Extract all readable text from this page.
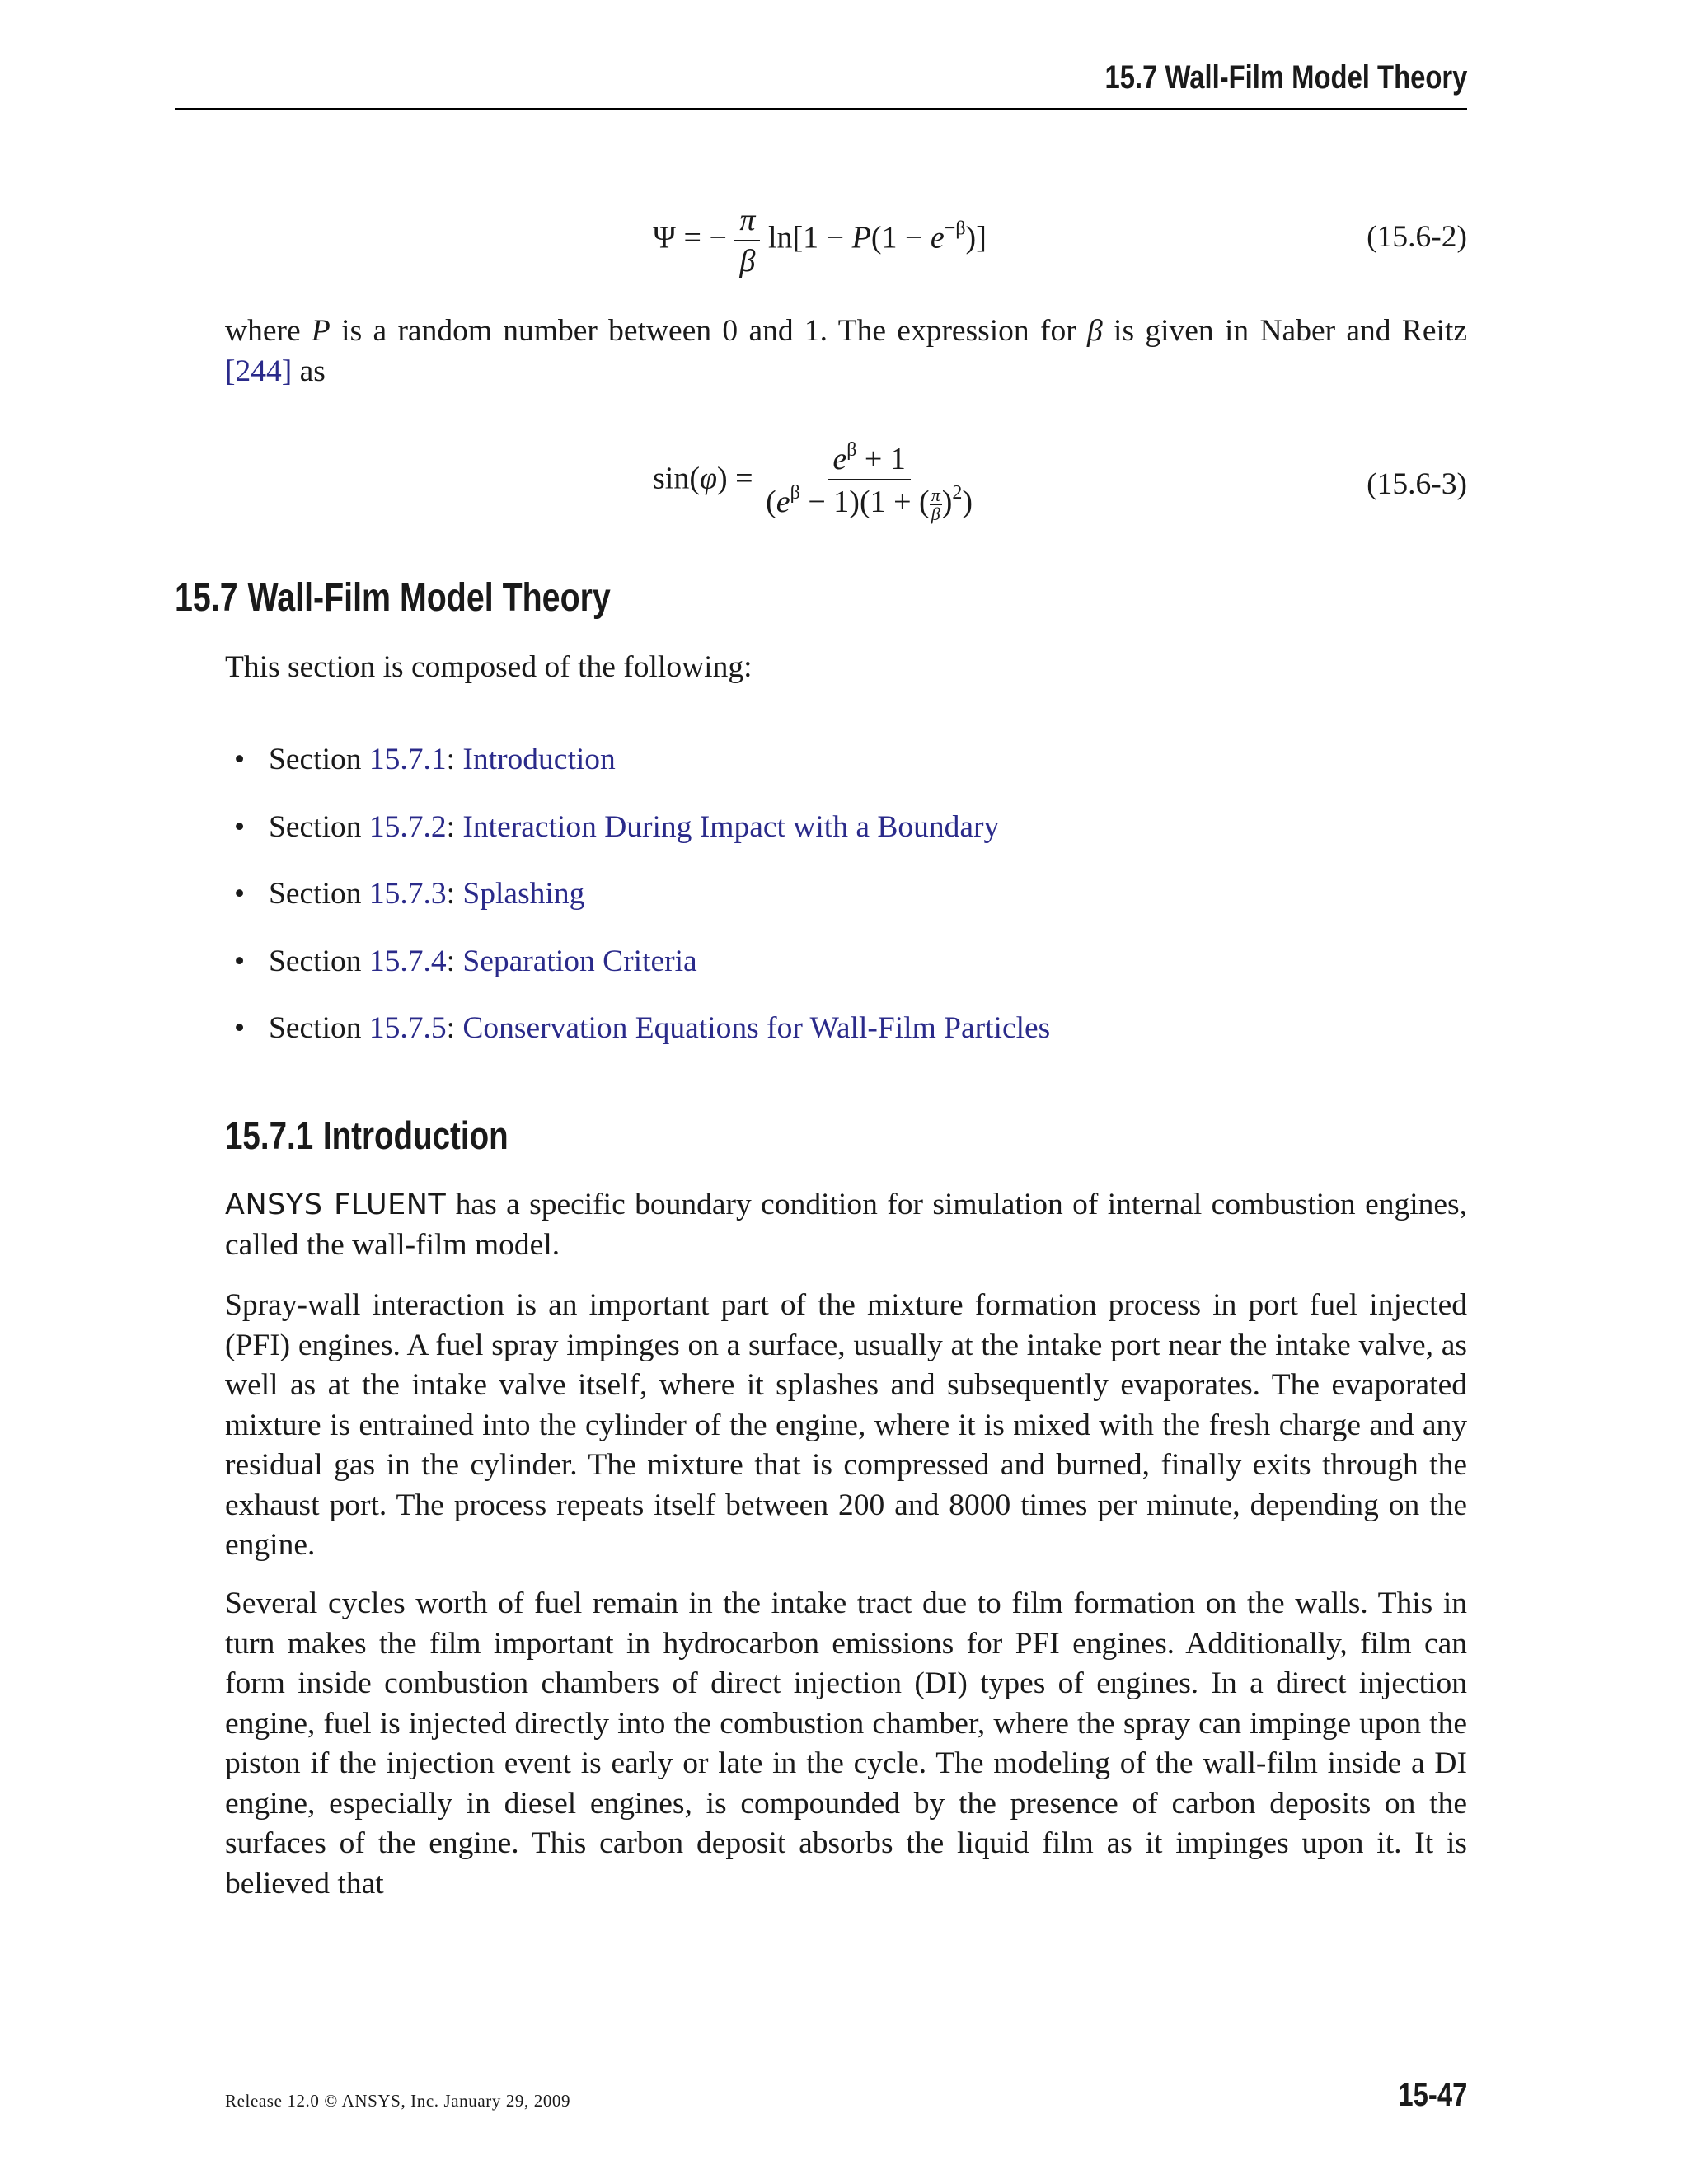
15.7 Wall-Film Model Theory
Ψ = − $\frac{\pi}{\beta} \ln[1 - P(1 - e^{-\beta})]$	(15.6-2)
where P is a random number between 0 and 1. The expression for β is given in Naber and Reitz [244] as
$\sin(\varphi) = \frac{e^\beta + 1}{(e^\beta - 1)(1 + ( \frac{\pi}{\beta} )^2)}$	(15.6-3)
15.7 Wall-Film Model Theory
This section is composed of the following:
• Section 15.7.1: Introduction
• Section 15.7.2: Interaction During Impact with a Boundary
• Section 15.7.3: Splashing
• Section 15.7.4: Separation Criteria
• Section 15.7.5: Conservation Equations for Wall-Film Particles
15.7.1 Introduction
ANSYS FLUENT has a specific boundary condition for simulation of internal combustion engines, called the wall-film model.
Spray-wall interaction is an important part of the mixture formation process in port fuel injected (PFI) engines. A fuel spray impinges on a surface, usually at the intake port near the intake valve, as well as at the intake valve itself, where it splashes and subsequently evaporates. The evaporated mixture is entrained into the cylinder of the engine, where it is mixed with the fresh charge and any residual gas in the cylinder. The mixture that is compressed and burned, finally exits through the exhaust port. The process repeats itself between 200 and 8000 times per minute, depending on the engine.
Several cycles worth of fuel remain in the intake tract due to film formation on the walls. This in turn makes the film important in hydrocarbon emissions for PFI engines. Additionally, film can form inside combustion chambers of direct injection (DI) types of engines. In a direct injection engine, fuel is injected directly into the combustion chamber, where the spray can impinge upon the piston if the injection event is early or late in the cycle. The modeling of the wall-film inside a DI engine, especially in diesel engines, is compounded by the presence of carbon deposits on the surfaces of the engine. This carbon deposit absorbs the liquid film as it impinges upon it. It is believed that
Release 12.0 © ANSYS, Inc. January 29, 2009	15-47
